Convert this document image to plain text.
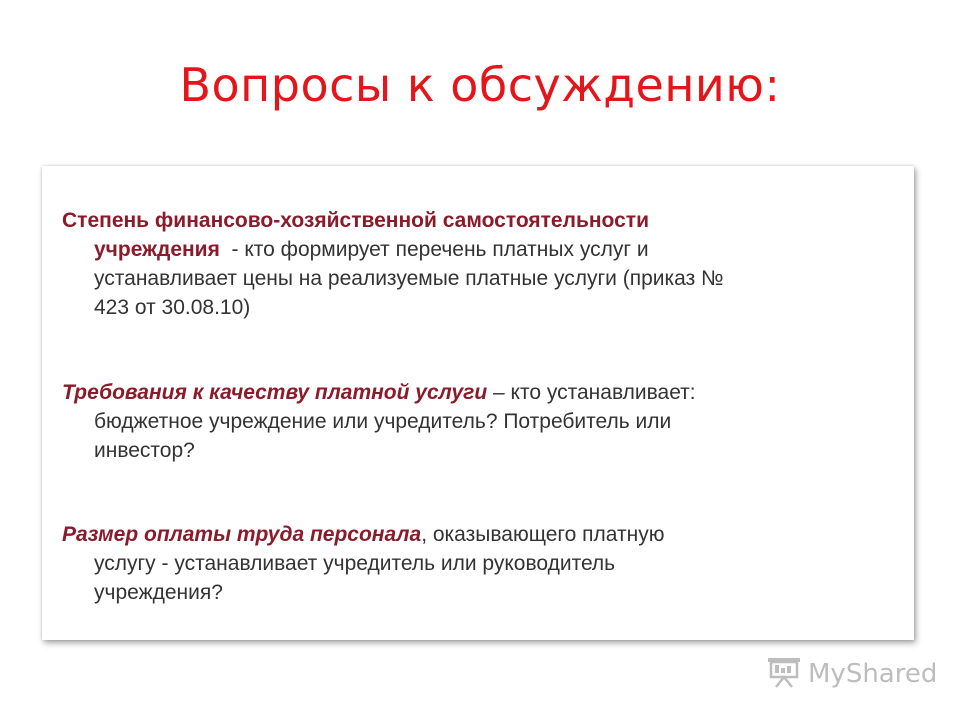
Вопросы к обсуждению:
Степень финансово-хозяйственной самостоятельности
учреждения  - кто формирует перечень платных услуг и
устанавливает цены на реализуемые платные услуги (приказ №
423 от 30.08.10)
Требования к качеству платной услуги – кто устанавливает:
бюджетное учреждение или учредитель? Потребитель или
инвестор?
Размер оплаты труда персонала, оказывающего платную
услугу - устанавливает учредитель или руководитель
учреждения?
MyShared
